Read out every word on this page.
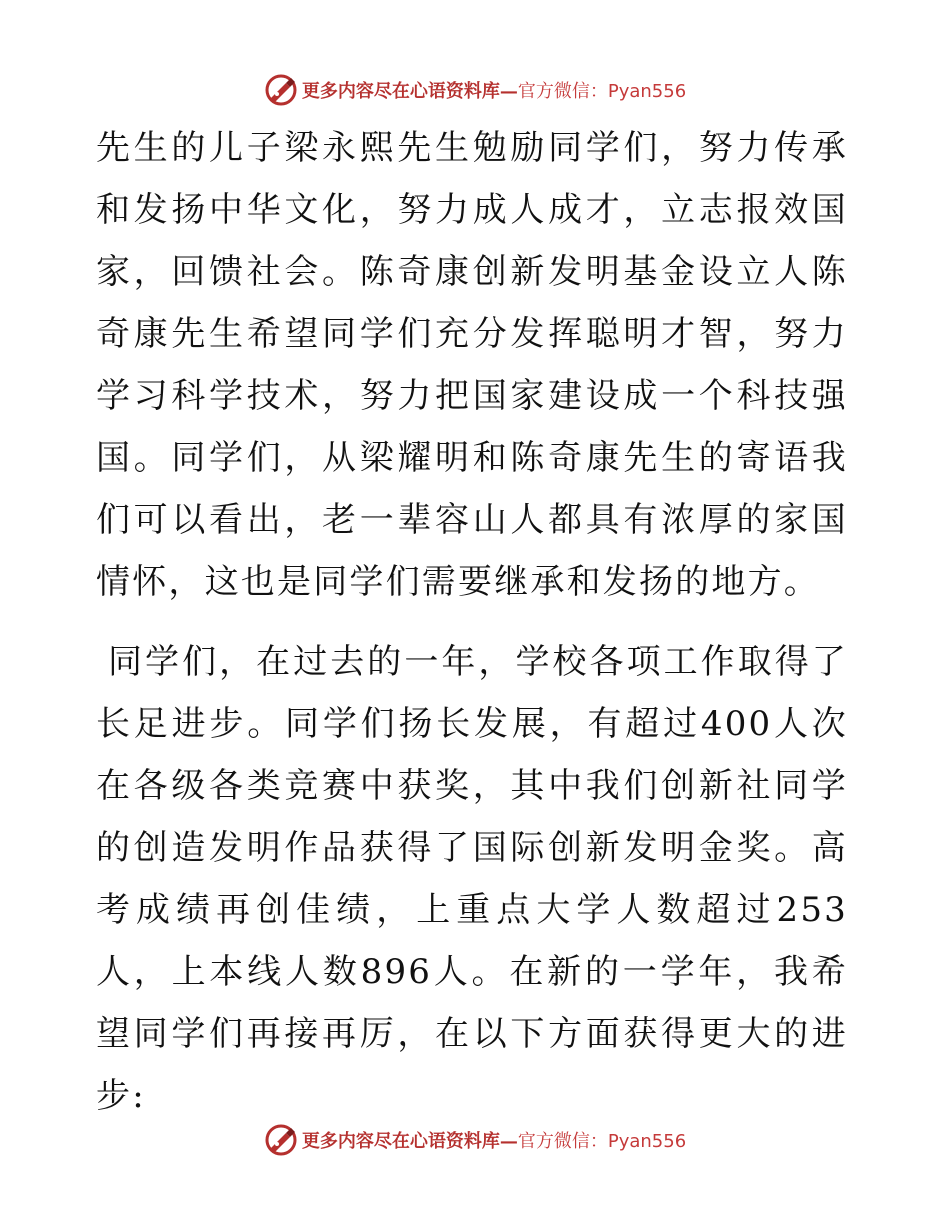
更多内容尽在心语资料库— 官方微信：Pyan556

先生的儿子梁永熙先生勉励同学们，努力传承和发扬中华文化，努力成人成才，立志报效国家，回馈社会。陈奇康创新发明基金设立人陈奇康先生希望同学们充分发挥聪明才智，努力学习科学技术，努力把国家建设成一个科技强国。同学们，从梁耀明和陈奇康先生的寄语我们可以看出，老一辈容山人都具有浓厚的家国情怀，这也是同学们需要继承和发扬的地方。

同学们，在过去的一年，学校各项工作取得了长足进步。同学们扬长发展，有超过400人次在各级各类竞赛中获奖，其中我们创新社同学的创造发明作品获得了国际创新发明金奖。高考成绩再创佳绩，上重点大学人数超过253人，上本线人数896人。在新的一学年，我希望同学们再接再厉，在以下方面获得更大的进步:

更多内容尽在心语资料库— 官方微信：Pyan556
